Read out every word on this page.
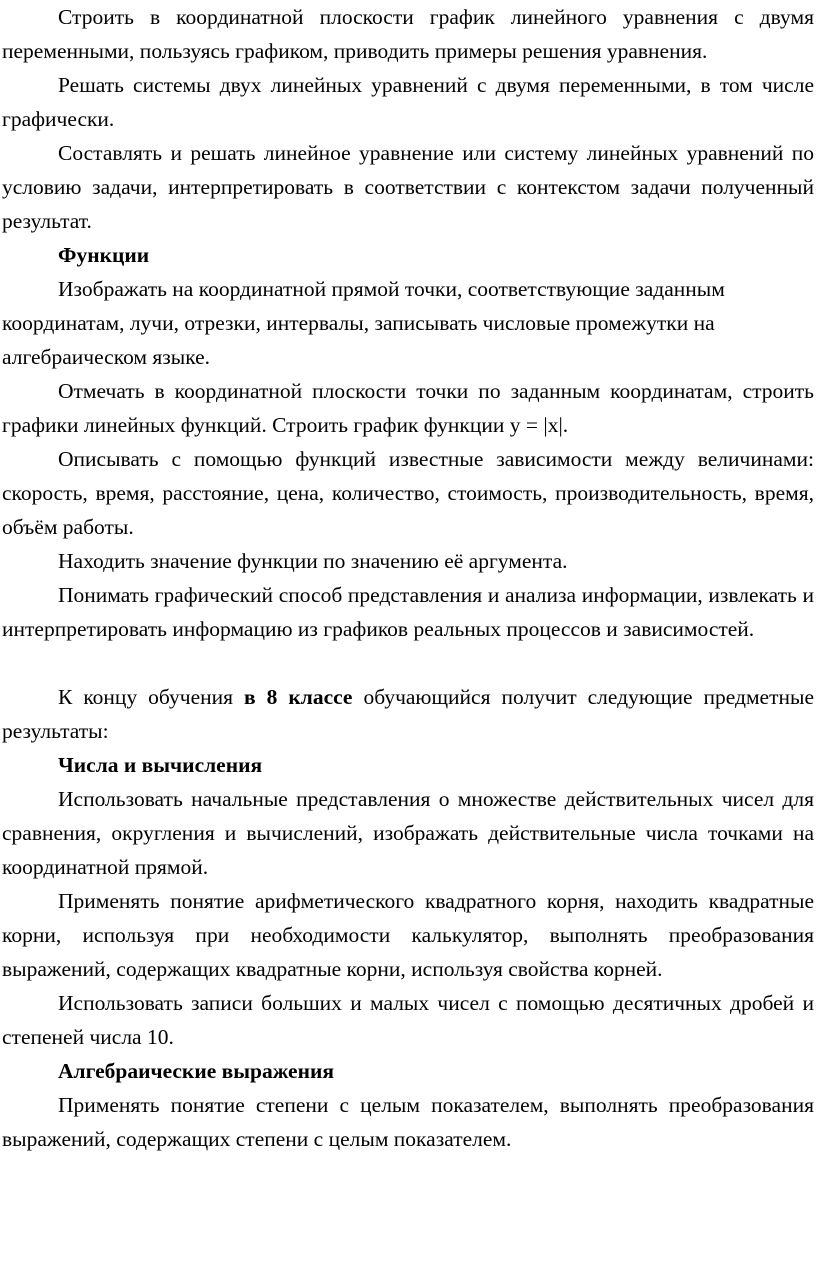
Строить в координатной плоскости график линейного уравнения с двумя переменными, пользуясь графиком, приводить примеры решения уравнения.

Решать системы двух линейных уравнений с двумя переменными, в том числе графически.

Составлять и решать линейное уравнение или систему линейных уравнений по условию задачи, интерпретировать в соответствии с контекстом задачи полученный результат.

Функции

Изображать на координатной прямой точки, соответствующие заданным координатам, лучи, отрезки, интервалы, записывать числовые промежутки на алгебраическом языке.

Отмечать в координатной плоскости точки по заданным координатам, строить графики линейных функций. Строить график функции y = |x|.

Описывать с помощью функций известные зависимости между величинами: скорость, время, расстояние, цена, количество, стоимость, производительность, время, объём работы.

Находить значение функции по значению её аргумента.

Понимать графический способ представления и анализа информации, извлекать и интерпретировать информацию из графиков реальных процессов и зависимостей.

К концу обучения в 8 классе обучающийся получит следующие предметные результаты:

Числа и вычисления

Использовать начальные представления о множестве действительных чисел для сравнения, округления и вычислений, изображать действительные числа точками на координатной прямой.

Применять понятие арифметического квадратного корня, находить квадратные корни, используя при необходимости калькулятор, выполнять преобразования выражений, содержащих квадратные корни, используя свойства корней.

Использовать записи больших и малых чисел с помощью десятичных дробей и степеней числа 10.

Алгебраические выражения

Применять понятие степени с целым показателем, выполнять преобразования выражений, содержащих степени с целым показателем.
